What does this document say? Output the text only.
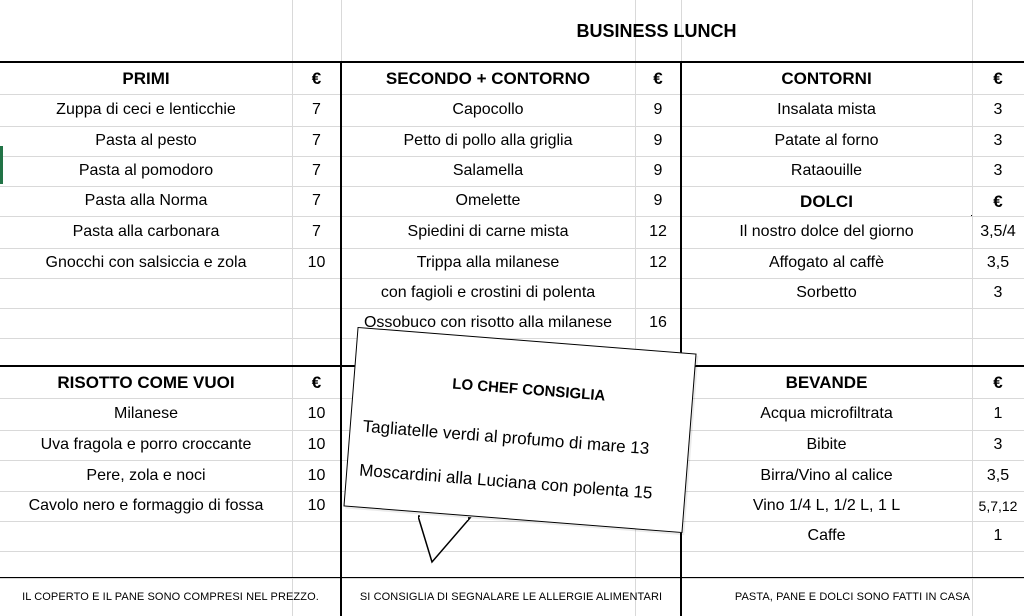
BUSINESS LUNCH
PRIMI	€
Zuppa di ceci e lenticchie	7
Pasta al pesto	7
Pasta al pomodoro	7
Pasta alla Norma	7
Pasta alla carbonara	7
Gnocchi con salsiccia e zola	10
SECONDO + CONTORNO	€
Capocollo	9
Petto di pollo alla griglia	9
Salamella	9
Omelette	9
Spiedini di carne mista	12
Trippa alla milanese	12
con fagioli e crostini di polenta
Ossobuco con risotto alla milanese	16
CONTORNI	€
Insalata mista	3
Patate al forno	3
Rataouille	3
DOLCI	€
Il nostro dolce del giorno	3,5/4
Affogato al caffè	3,5
Sorbetto	3
RISOTTO COME VUOI	€
Milanese	10
Uva fragola e porro croccante	10
Pere, zola e noci	10
Cavolo nero e formaggio di fossa	10
BEVANDE	€
Acqua microfiltrata	1
Bibite	3
Birra/Vino al calice	3,5
Vino 1/4 L, 1/2 L, 1 L	5,7,12
Caffe	1
IL COPERTO E IL PANE SONO COMPRESI NEL PREZZO.	SI CONSIGLIA DI SEGNALARE LE ALLERGIE ALIMENTARI	PASTA, PANE E DOLCI SONO FATTI IN CASA
LO CHEF CONSIGLIA
Tagliatelle verdi al profumo di mare 13
Moscardini alla Luciana con polenta 15
